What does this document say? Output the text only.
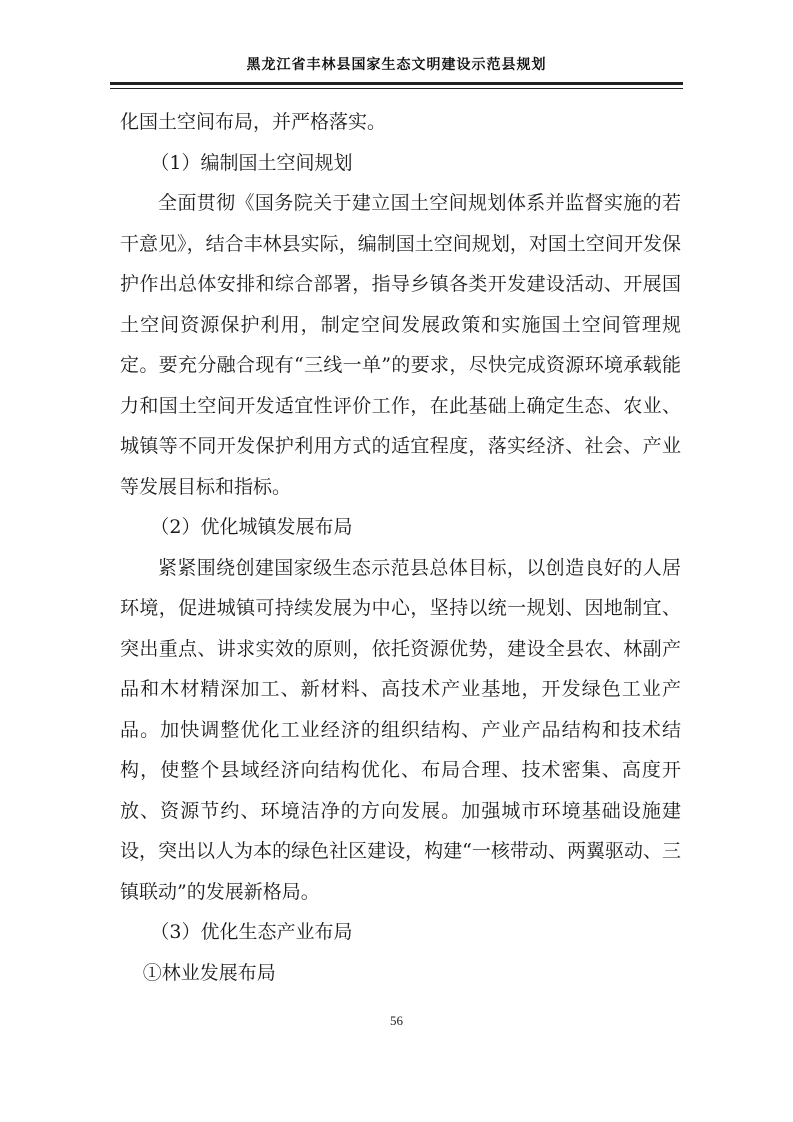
黑龙江省丰林县国家生态文明建设示范县规划

化国土空间布局，并严格落实。

（1）编制国土空间规划

全面贯彻《国务院关于建立国土空间规划体系并监督实施的若干意见》，结合丰林县实际，编制国土空间规划，对国土空间开发保护作出总体安排和综合部署，指导乡镇各类开发建设活动、开展国土空间资源保护利用，制定空间发展政策和实施国土空间管理规定。要充分融合现有“三线一单”的要求，尽快完成资源环境承载能力和国土空间开发适宜性评价工作，在此基础上确定生态、农业、城镇等不同开发保护利用方式的适宜程度，落实经济、社会、产业等发展目标和指标。

（2）优化城镇发展布局

紧紧围绕创建国家级生态示范县总体目标，以创造良好的人居环境，促进城镇可持续发展为中心，坚持以统一规划、因地制宜、突出重点、讲求实效的原则，依托资源优势，建设全县农、林副产品和木材精深加工、新材料、高技术产业基地，开发绿色工业产品。加快调整优化工业经济的组织结构、产业产品结构和技术结构，使整个县域经济向结构优化、布局合理、技术密集、高度开放、资源节约、环境洁净的方向发展。加强城市环境基础设施建设，突出以人为本的绿色社区建设，构建“一核带动、两翼驱动、三镇联动”的发展新格局。

（3）优化生态产业布局

①林业发展布局

56
